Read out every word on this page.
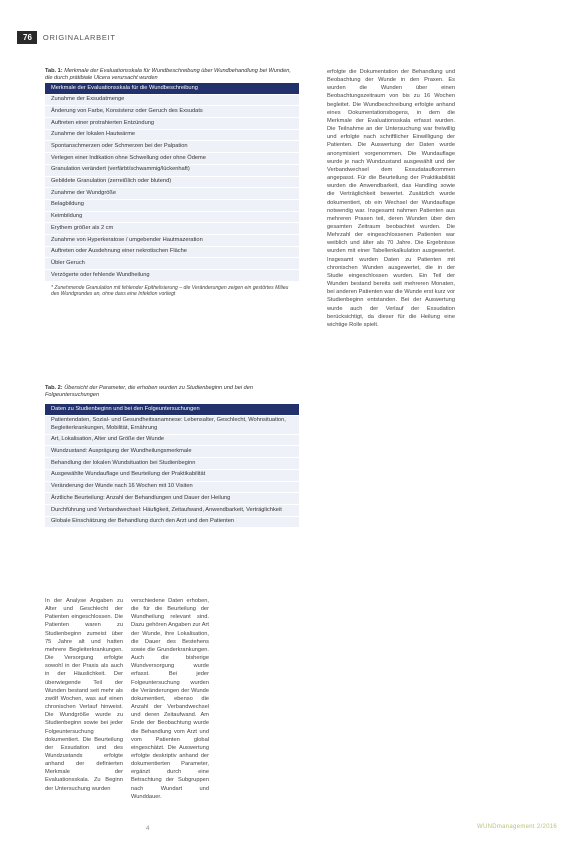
76	ORIGINALARBEIT
Tab. 1: Merkmale der Evaluationsskala für Wundbeschreibung über Wundbehandlung bei Wunden, die durch prätibiale Ulcera verursacht wurden
Merkmale der Evaluationsskala für die Wundbeschreibung
Zunahme der Exsudatmenge
Änderung von Farbe, Konsistenz oder Geruch des Exsudats
Auftreten einer protrahierten Entzündung
Zunahme der lokalen Hautwärme
Spontanschmerzen oder Schmerzen bei der Palpation
Verlegen einer Indikation ohne Schwellung oder ohne Ödeme
Granulation verändert (verfärbt/schwammig/lückenhaft)
Gebildete Granulation (zerreißlich oder blutend)
Zunahme der Wundgröße
Belagbildung
Keimbildung
Erythem größer als 2 cm
Zunahme von Hyperkeratose / umgebender Hautmazeration
Auftreten oder Ausdehnung einer nekrotischen Fläche
Übler Geruch
Verzögerte oder fehlende Wundheilung
* Zunehmende Granulation mit fehlender Epithelisierung – die Veränderungen zeigen ein gestörtes Milieu des Wundgrundes an, ohne dass eine Infektion vorliegt
Tab. 2: Übersicht der Parameter, die erhoben wurden zu Studienbeginn und bei den Folgeuntersuchungen
Daten zu Studienbeginn und bei den Folgeuntersuchungen
Patientendaten, Sozial- und Gesundheitsanamnese: Lebensalter, Geschlecht, Wohnsituation, Begleiterkrankungen, Mobilität, Ernährung
Art, Lokalisation, Alter und Größe der Wunde
Wundzustand: Ausprägung der Wundheilungsmerkmale
Behandlung der lokalen Wundsituation bei Studienbeginn
Ausgewählte Wundauflage und Beurteilung der Praktikabilität
Veränderung der Wunde nach 16 Wochen mit 10 Visiten
Ärztliche Beurteilung: Anzahl der Behandlungen und Dauer der Heilung
Durchführung und Verbandwechsel: Häufigkeit, Zeitaufwand, Anwendbarkeit, Verträglichkeit
Globale Einschätzung der Behandlung durch den Arzt und den Patienten
In der Analyse Angaben zu Alter und Geschlecht der Patienten eingeschlossen. Die Patienten waren zu Studienbeginn zumeist über 75 Jahre alt und hatten mehrere Begleiterkrankungen. Die Versorgung erfolgte sowohl in der Praxis als auch in der Häuslichkeit. Der überwiegende Teil der Wunden bestand seit mehr als zwölf Wochen, was auf einen chronischen Verlauf hinweist. Die Wundgröße wurde zu Studienbeginn sowie bei jeder Folgeuntersuchung dokumentiert. Die Beurteilung der Exsudation und des Wundzustands erfolgte anhand der definierten Merkmale der Evaluationsskala. Zu Beginn der Untersuchung wurden
verschiedene Daten erhoben, die für die Beurteilung der Wundheilung relevant sind. Dazu gehören Angaben zur Art der Wunde, ihre Lokalisation, die Dauer des Bestehens sowie die Grunderkrankungen. Auch die bisherige Wundversorgung wurde erfasst. Bei jeder Folgeuntersuchung wurden die Veränderungen der Wunde dokumentiert, ebenso die Anzahl der Verbandwechsel und deren Zeitaufwand. Am Ende der Beobachtung wurde die Behandlung vom Arzt und vom Patienten global eingeschätzt. Die Auswertung erfolgte deskriptiv anhand der dokumentierten Parameter, ergänzt durch eine Betrachtung der Subgruppen nach Wundart und Wunddauer.
erfolgte die Dokumentation der Behandlung und Beobachtung der Wunde in den Praxen. Es wurden die Wunden über einen Beobachtungszeitraum von bis zu 16 Wochen begleitet. Die Wundbeschreibung erfolgte anhand eines Dokumentationsbogens, in dem die Merkmale der Evaluationsskala erfasst wurden. Die Teilnahme an der Untersuchung war freiwillig und erfolgte nach schriftlicher Einwilligung der Patienten. Die Auswertung der Daten wurde anonymisiert vorgenommen. Die Wundauflage wurde je nach Wundzustand ausgewählt und der Verbandwechsel dem Exsudataufkommen angepasst. Für die Beurteilung der Praktikabilität wurden die Anwendbarkeit, das Handling sowie die Verträglichkeit bewertet. Zusätzlich wurde dokumentiert, ob ein Wechsel der Wundauflage notwendig war. Insgesamt nahmen Patienten aus mehreren Praxen teil, deren Wunden über den gesamten Zeitraum beobachtet wurden. Die Mehrzahl der eingeschlossenen Patienten war weiblich und älter als 70 Jahre. Die Ergebnisse wurden mit einer Tabellenkalkulation ausgewertet. Insgesamt wurden Daten zu Patienten mit chronischen Wunden ausgewertet, die in der Studie eingeschlossen wurden. Ein Teil der Wunden bestand bereits seit mehreren Monaten, bei anderen Patienten war die Wunde erst kurz vor Studienbeginn entstanden. Bei der Auswertung wurde auch der Verlauf der Exsudation berücksichtigt, da dieser für die Heilung eine wichtige Rolle spielt.
4	WUNDmanagement 2/2016
